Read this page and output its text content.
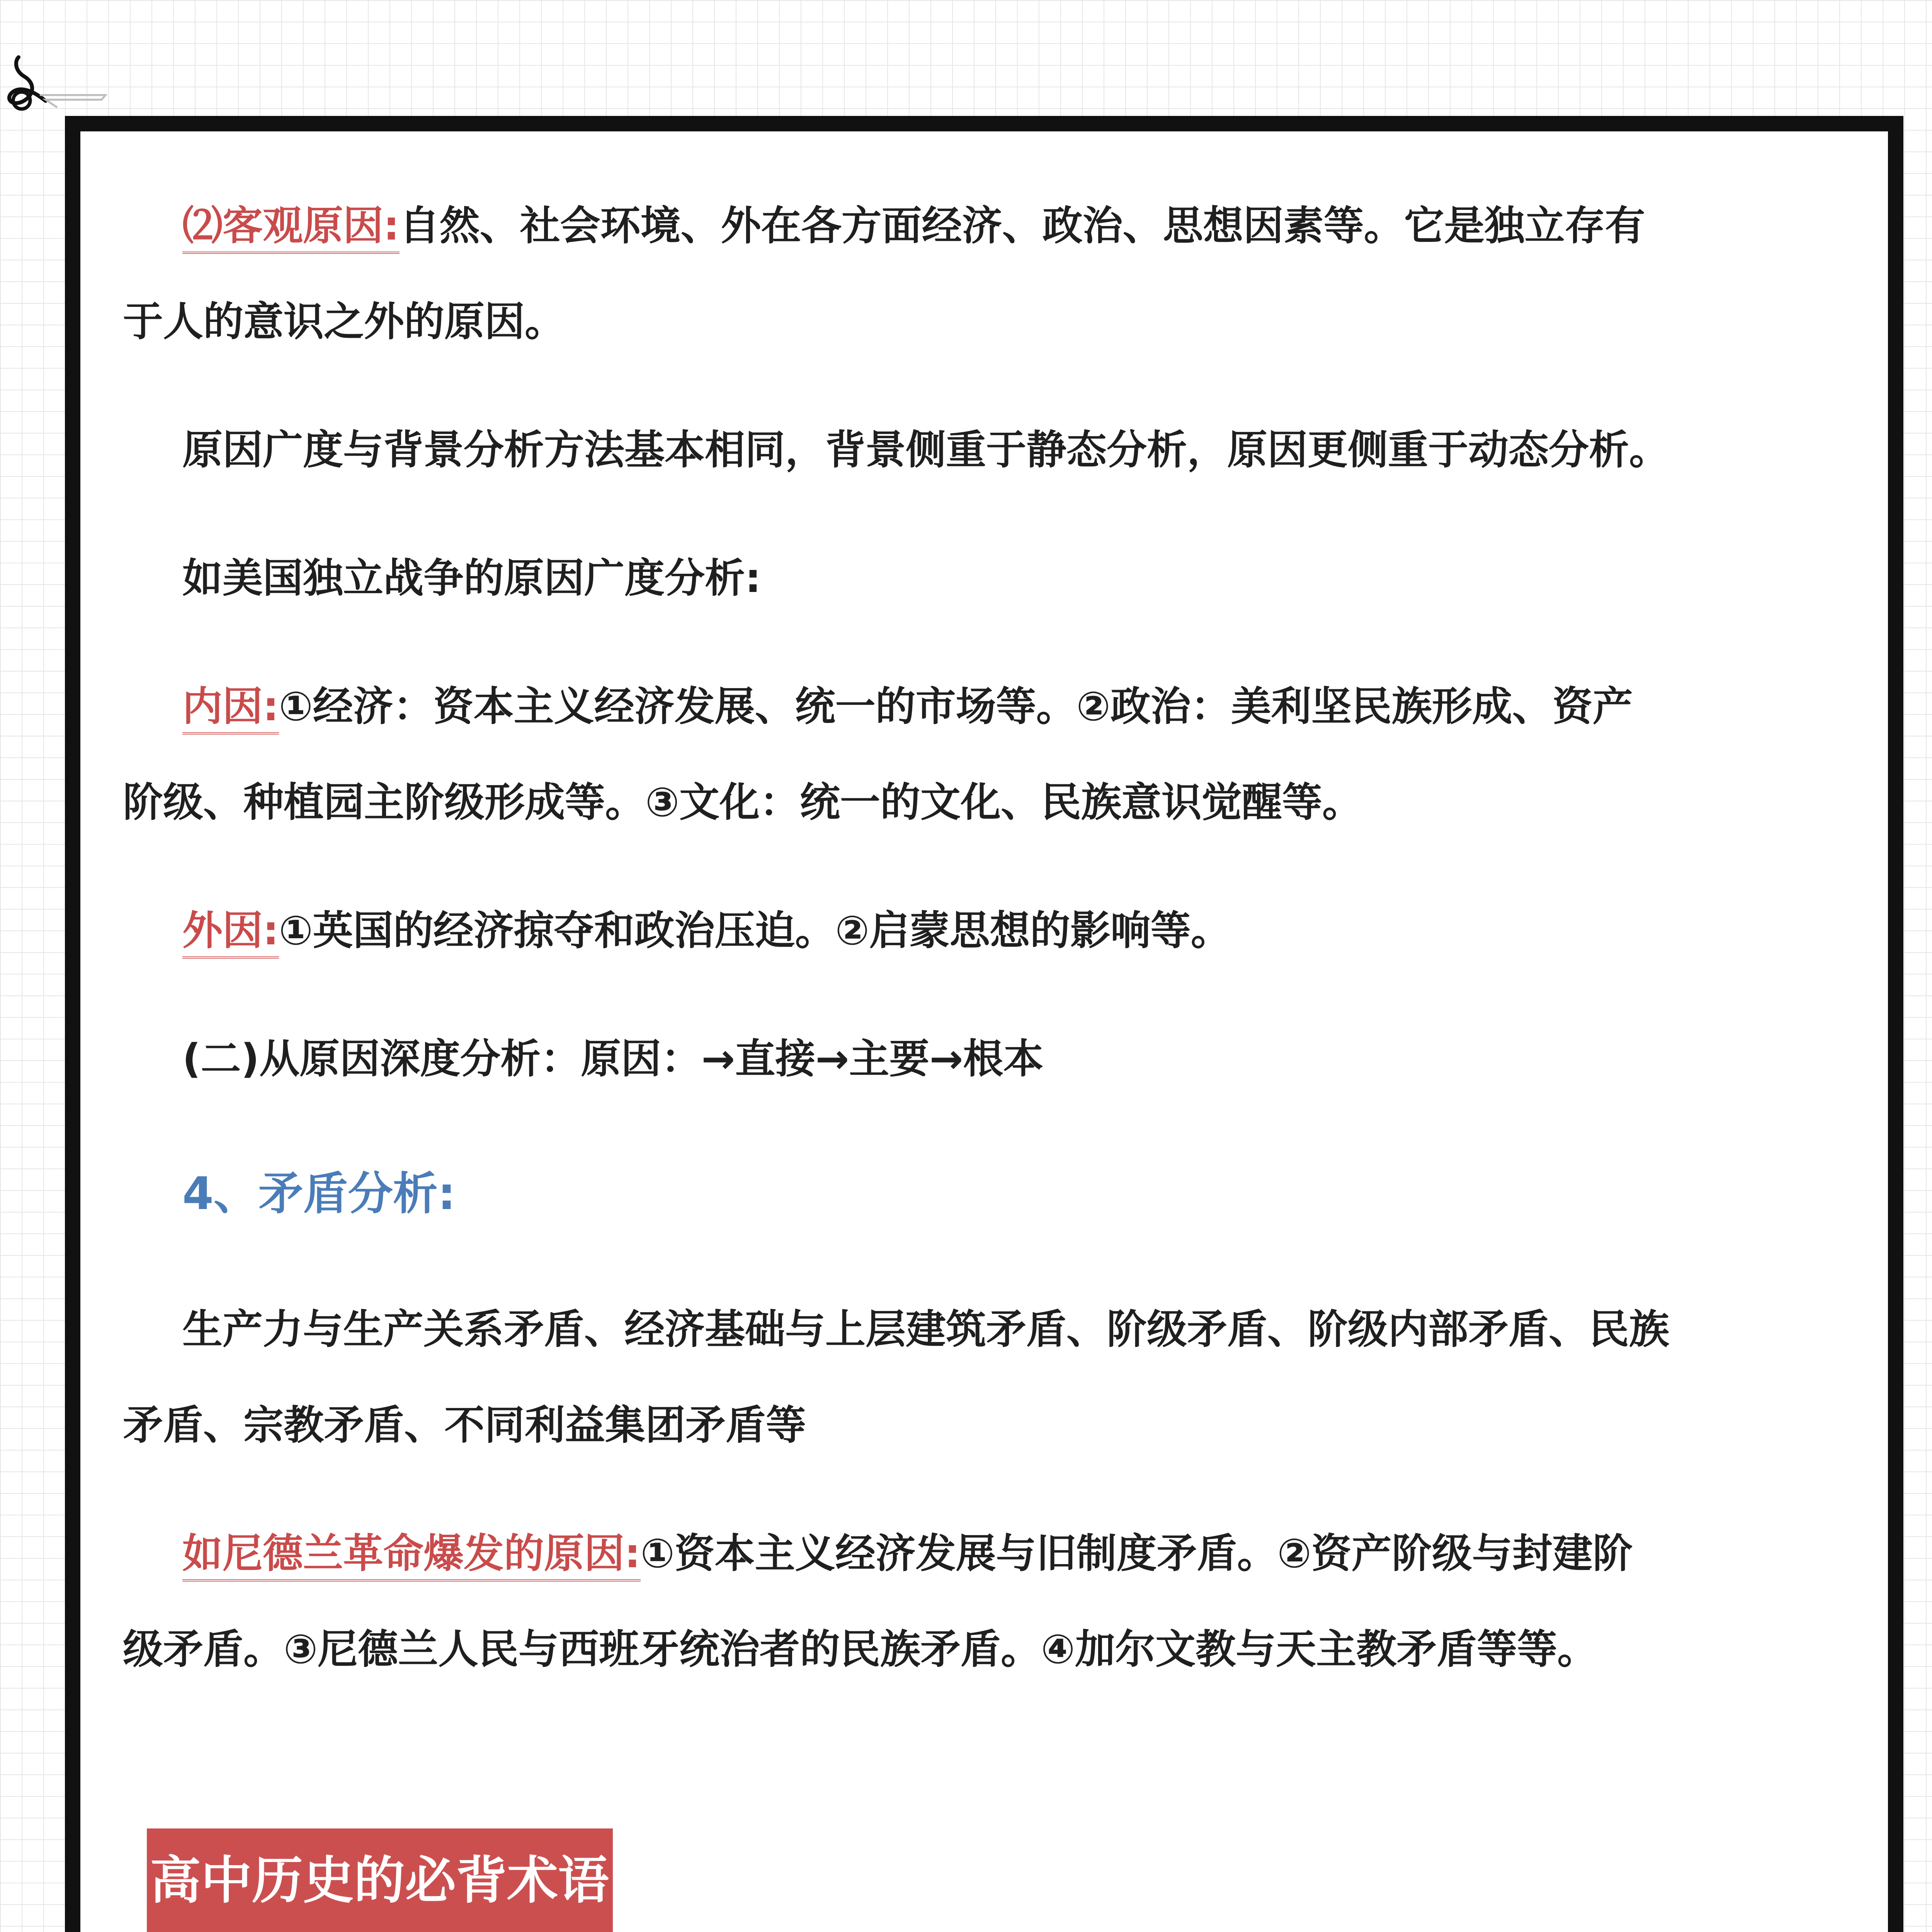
⑵客观原因:自然、社会环境、外在各方面经济、政治、思想因素等。它是独立存有

于人的意识之外的原因。

原因广度与背景分析方法基本相同，背景侧重于静态分析，原因更侧重于动态分析。

如美国独立战争的原因广度分析:

内因:①经济：资本主义经济发展、统一的市场等。②政治：美利坚民族形成、资产

阶级、种植园主阶级形成等。③文化：统一的文化、民族意识觉醒等。

外因:①英国的经济掠夺和政治压迫。②启蒙思想的影响等。

(二)从原因深度分析：原因：→直接→主要→根本

4、矛盾分析:

生产力与生产关系矛盾、经济基础与上层建筑矛盾、阶级矛盾、阶级内部矛盾、民族

矛盾、宗教矛盾、不同利益集团矛盾等

如尼德兰革命爆发的原因:①资本主义经济发展与旧制度矛盾。②资产阶级与封建阶

级矛盾。③尼德兰人民与西班牙统治者的民族矛盾。④加尔文教与天主教矛盾等等。

高中历史的必背术语
